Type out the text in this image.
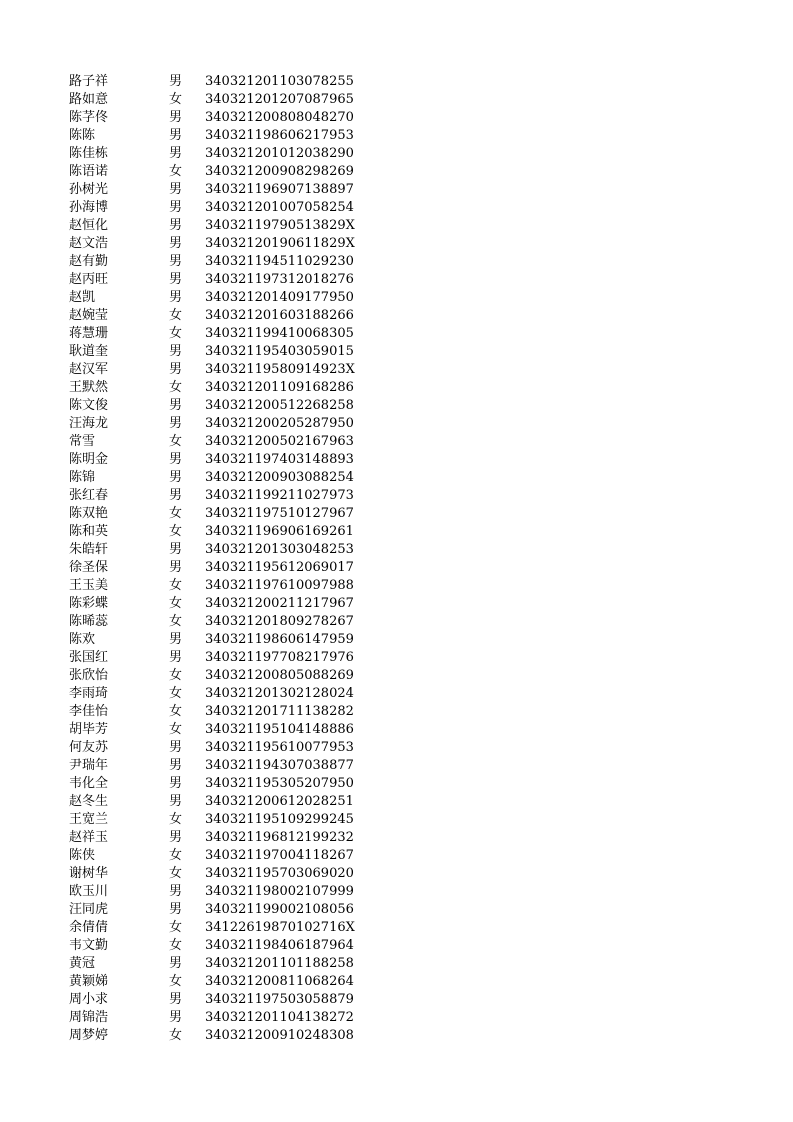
路子祥	男	340321201103078255
路如意	女	340321201207087965
陈芓佟	男	340321200808048270
陈陈	男	340321198606217953
陈佳栋	男	340321201012038290
陈语诺	女	340321200908298269
孙树光	男	340321196907138897
孙海博	男	340321201007058254
赵恒化	男	34032119790513829X
赵文浩	男	34032120190611829X
赵有勤	男	340321194511029230
赵丙旺	男	340321197312018276
赵凯	男	340321201409177950
赵婉莹	女	340321201603188266
蒋慧珊	女	340321199410068305
耿道奎	男	340321195403059015
赵汉军	男	34032119580914923X
王默然	女	340321201109168286
陈文俊	男	340321200512268258
汪海龙	男	340321200205287950
常雪	女	340321200502167963
陈明金	男	340321197403148893
陈锦	男	340321200903088254
张红春	男	340321199211027973
陈双艳	女	340321197510127967
陈和英	女	340321196906169261
朱皓轩	男	340321201303048253
徐圣保	男	340321195612069017
王玉美	女	340321197610097988
陈彩蝶	女	340321200211217967
陈晞蕊	女	340321201809278267
陈欢	男	340321198606147959
张国红	男	340321197708217976
张欣怡	女	340321200805088269
李雨琦	女	340321201302128024
李佳怡	女	340321201711138282
胡毕芳	女	340321195104148886
何友苏	男	340321195610077953
尹瑞年	男	340321194307038877
韦化全	男	340321195305207950
赵冬生	男	340321200612028251
王宽兰	女	340321195109299245
赵祥玉	男	340321196812199232
陈侠	女	340321197004118267
谢树华	女	340321195703069020
欧玉川	男	340321198002107999
汪同虎	男	340321199002108056
余倩倩	女	34122619870102716X
韦文勤	女	340321198406187964
黄冠	男	340321201101188258
黄颖娣	女	340321200811068264
周小求	男	340321197503058879
周锦浩	男	340321201104138272
周梦婷	女	340321200910248308
